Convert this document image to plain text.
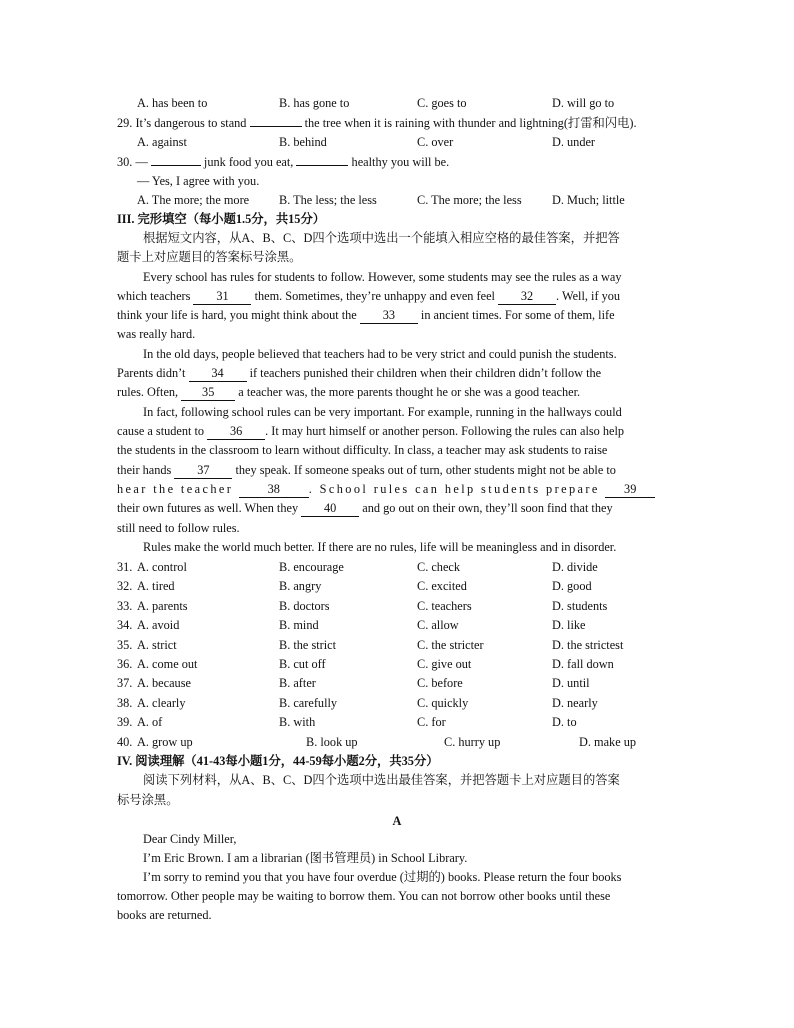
A. has been to	B. has gone to	C. goes to	D. will go to
29. It’s dangerous to stand	the tree when it is raining with thunder and lightning(打雷和闪电).
A. against	B. behind	C. over	D. under
30. —	junk food you eat,	healthy you will be.
— Yes, I agree with you.
A. The more; the more B. The less; the less	C. The more; the less D. Much; little
III. 完形填空（每小题1.5分，共15分）
根据短文内容，从A、B、C、D四个选项中选出一个能填入相应空格的最佳答案，并把答
题卡上对应题目的答案标号涂黑。
Every school has rules for students to follow. However, some students may see the rules as a way
which teachers 31 them. Sometimes, they’re unhappy and even feel 32 . Well, if you
think your life is hard, you might think about the 33 in ancient times. For some of them, life
was really hard.
In the old days, people believed that teachers had to be very strict and could punish the students.
Parents didn’t 34 if teachers punished their children when their children didn’t follow the
rules. Often, 35 a teacher was, the more parents thought he or she was a good teacher.
In fact, following school rules can be very important. For example, running in the hallways could
cause a student to 36 . It may hurt himself or another person. Following the rules can also help
the students in the classroom to learn without difficulty. In class, a teacher may ask students to raise
their hands 37 they speak. If someone speaks out of turn, other students might not be able to
hear the teacher	38 . School rules can help students prepare 39
their own futures as well. When they 40 and go out on their own, they’ll soon find that they
still need to follow rules.
Rules make the world much better. If there are no rules, life will be meaningless and in disorder.
31. A. control	B. encourage	C. check	D. divide
32. A. tired	B. angry	C. excited	D. good
33. A. parents	B. doctors	C. teachers	D. students
34. A. avoid	B. mind	C. allow	D. like
35. A. strict	B. the strict	C. the stricter	D. the strictest
36. A. come out	B. cut off	C. give out	D. fall down
37. A. because	B. after	C. before	D. until
38. A. clearly	B. carefully	C. quickly	D. nearly
39. A. of	B. with	C. for	D. to
40. A. grow up	B. look up	C. hurry up	D. make up
IV. 阅读理解（41-43每小题1分，44-59每小题2分，共35分）
阅读下列材料，从A、B、C、D四个选项中选出最佳答案，并把答题卡上对应题目的答案
标号涂黑。
A
Dear Cindy Miller,
I’m Eric Brown. I am a librarian (图书管理员) in School Library.
I’m sorry to remind you that you have four overdue (过期的) books. Please return the four books
tomorrow. Other people may be waiting to borrow them. You can not borrow other books until these
books are returned.
